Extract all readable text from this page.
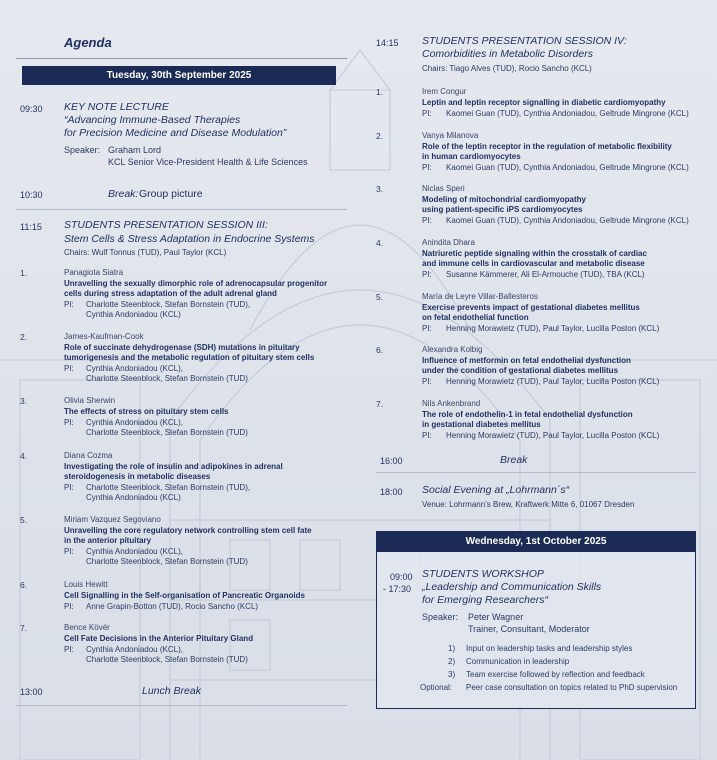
Agenda
Tuesday, 30th September 2025
09:30 KEY NOTE LECTURE
“Advancing Immune-Based Therapies
for Precision Medicine and Disease Modulation”
Speaker: Graham Lord
KCL Senior Vice-President Health & Life Sciences
10:30	Break: Group picture
11:15 STUDENTS PRESENTATION SESSION III:
Stem Cells & Stress Adaptation in Endocrine Systems
Chairs: Wulf Tonnus (TUD), Paul Taylor (KCL)
1.	Panagiota Siatra
Unravelling the sexually dimorphic role of adrenocapsular progenitor
cells during stress adaptation of the adult adrenal gland
PI: Charlotte Steenblock, Stefan Bornstein (TUD),
Cynthia Andoniadou (KCL)
2.	James-Kaufman-Cook
Role of succinate dehydrogenase (SDH) mutations in pituitary
tumorigenesis and the metabolic regulation of pituitary stem cells
PI: Cynthia Andoniadou (KCL),
Charlotte Steenblock, Stefan Bornstein (TUD)
3.	Olivia Sherwin
The effects of stress on pituitary stem cells
PI: Cynthia Andoniadou (KCL),
Charlotte Steenblock, Stefan Bornstein (TUD)
4.	Diana Cozma
Investigating the role of insulin and adipokines in adrenal
steroidogenesis in metabolic diseases
PI: Charlotte Steenblock, Stefan Bornstein (TUD),
Cynthia Andoniadou (KCL)
5.	Miriam Vazquez Segoviano
Unravelling the core regulatory network controlling stem cell fate
in the anterior pituitary
PI: Cynthia Andoniadou (KCL),
Charlotte Steenblock, Stefan Bornstein (TUD)
6.	Louis Hewitt
Cell Signalling in the Self-organisation of Pancreatic Organoids
PI: Anne Grapin-Botton (TUD), Rocio Sancho (KCL)
7.	Bence Kövér
Cell Fate Decisions in the Anterior Pituitary Gland
PI: Cynthia Andoniadou (KCL),
Charlotte Steenblock, Stefan Bornstein (TUD)
13:00	Lunch Break
14:15 STUDENTS PRESENTATION SESSION IV:
Comorbidities in Metabolic Disorders
Chairs: Tiago Alves (TUD), Rocio Sancho (KCL)
1.	Irem Congur
Leptin and leptin receptor signalling in diabetic cardiomyopathy
PI: Kaomei Guan (TUD), Cynthia Andoniadou, Geltrude Mingrone (KCL)
2.	Vanya Milanova
Role of the leptin receptor in the regulation of metabolic flexibility
in human cardiomyocytes
PI: Kaomei Guan (TUD), Cynthia Andoniadou, Geltrude Mingrone (KCL)
3.	Niclas Speri
Modeling of mitochondrial cardiomyopathy
using patient-specific iPS cardiomyocytes
PI: Kaomei Guan (TUD), Cynthia Andoniadou, Geltrude Mingrone (KCL)
4.	Anindita Dhara
Natriuretic peptide signaling within the crosstalk of cardiac
and immune cells in cardiovascular and metabolic disease
PI: Susanne Kämmerer, Ali El-Armouche (TUD), TBA (KCL)
5.	María de Leyre Villar-Ballesteros
Exercise prevents impact of gestational diabetes mellitus
on fetal endothelial function
PI: Henning Morawietz (TUD), Paul Taylor, Lucilla Poston (KCL)
6.	Alexandra Kolbig
Influence of metformin on fetal endothelial dysfunction
under the condition of gestational diabetes mellitus
PI: Henning Morawietz (TUD), Paul Taylor, Lucilla Poston (KCL)
7.	Nils Ankenbrand
The role of endothelin-1 in fetal endothelial dysfunction
in gestational diabetes mellitus
PI: Henning Morawietz (TUD), Paul Taylor, Lucilla Poston (KCL)
16:00	Break
18:00 Social Evening at „Lohrmann´s“
Venue: Lohrmann’s Brew, Kraftwerk Mitte 6, 01067 Dresden
Wednesday, 1st October 2025
09:00
- 17:30
STUDENTS WORKSHOP
„Leadership and Communication Skills
for Emerging Researchers“
Speaker: Peter Wagner
Trainer, Consultant, Moderator
1) Input on leadership tasks and leadership styles
2) Communication in leadership
3) Team exercise followed by reflection and feedback
Optional: Peer case consultation on topics related to PhD supervision
